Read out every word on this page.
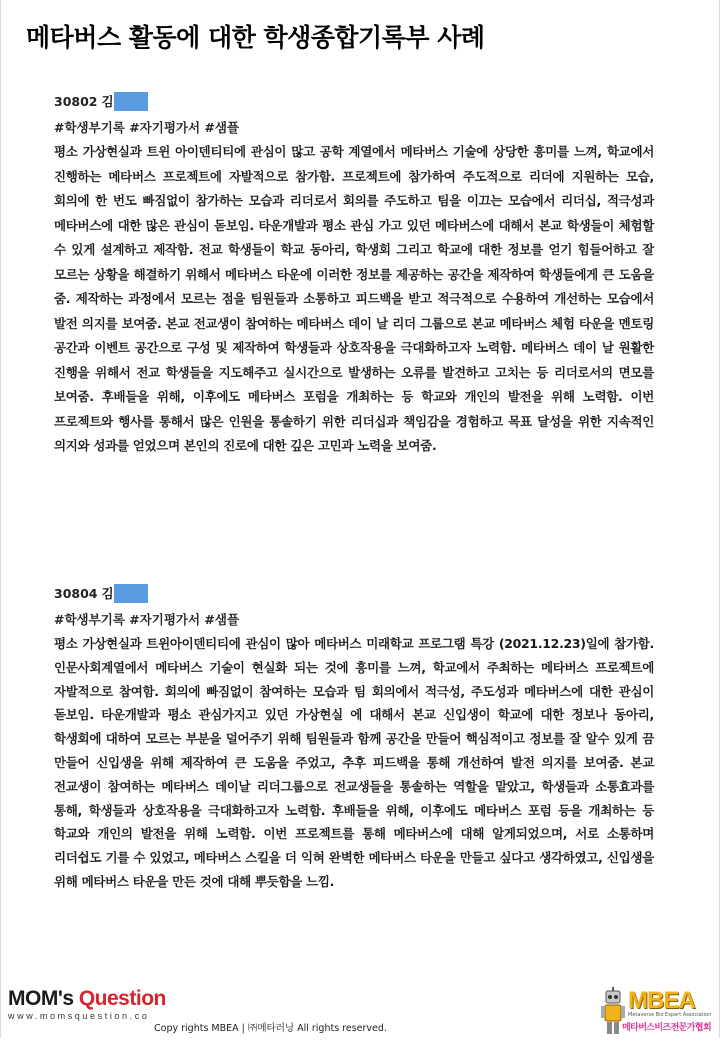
메타버스 활동에 대한 학생종합기록부 사례
30802 김
#학생부기록 #자기평가서 #샘플
평소 가상현실과 트윈 아이덴티티에 관심이 많고 공학 계열에서 메타버스 기술에 상당한 흥미를 느껴, 학교에서 진행하는 메타버스 프로젝트에 자발적으로 참가함. 프로젝트에 참가하여 주도적으로 리더에 지원하는 모습, 회의에 한 번도 빠짐없이 참가하는 모습과 리더로서 회의를 주도하고 팀을 이끄는 모습에서 리더십, 적극성과 메타버스에 대한 많은 관심이 돋보임. 타운개발과 평소 관심 가고 있던 메타버스에 대해서 본교 학생들이 체험할 수 있게 설계하고 제작함. 전교 학생들이 학교 동아리, 학생회 그리고 학교에 대한 정보를 얻기 힘들어하고 잘 모르는 상황을 해결하기 위해서 메타버스 타운에 이러한 정보를 제공하는 공간을 제작하여 학생들에게 큰 도움을 줌. 제작하는 과정에서 모르는 점을 팀원들과 소통하고 피드백을 받고 적극적으로 수용하여 개선하는 모습에서 발전 의지를 보여줌. 본교 전교생이 참여하는 메타버스 데이 날 리더 그룹으로 본교 메타버스 체험 타운을 멘토링 공간과 이벤트 공간으로 구성 및 제작하여 학생들과 상호작용을 극대화하고자 노력함. 메타버스 데이 날 원활한 진행을 위해서 전교 학생들을 지도해주고 실시간으로 발생하는 오류를 발견하고 고치는 등 리더로서의 면모를 보여줌. 후배들을 위해, 이후에도 메타버스 포럼을 개최하는 등 학교와 개인의 발전을 위해 노력함. 이번 프로젝트와 행사를 통해서 많은 인원을 통솔하기 위한 리더십과 책임감을 경험하고 목표 달성을 위한 지속적인 의지와 성과를 얻었으며 본인의 진로에 대한 깊은 고민과 노력을 보여줌.
30804 김
#학생부기록 #자기평가서 #샘플
평소 가상현실과 트윈아이덴티티에 관심이 많아 메타버스 미래학교 프로그램 특강 (2021.12.23)일에 참가함. 인문사회계열에서 메타버스 기술이 현실화 되는 것에 흥미를 느껴, 학교에서 주최하는 메타버스 프로젝트에 자발적으로 참여함. 회의에 빠짐없이 참여하는 모습과 팀 회의에서 적극성, 주도성과 메타버스에 대한 관심이 돋보임. 타운개발과 평소 관심가지고 있던 가상현실 에 대해서 본교 신입생이 학교에 대한 정보나 동아리, 학생회에 대하여 모르는 부분을 덜어주기 위해 팀원들과 함께 공간을 만들어 핵심적이고 정보를 잘 알수 있게 끔 만들어 신입생을 위해 제작하여 큰 도움을 주었고, 추후 피드백을 통해 개선하여 발전 의지를 보여줌. 본교 전교생이 참여하는 메타버스 데이날 리더그룹으로 전교생들을 통솔하는 역할을 맡았고, 학생들과 소통효과를 통해, 학생들과 상호작용을 극대화하고자 노력함. 후배들을 위해, 이후에도 메타버스 포럼 등을 개최하는 등 학교와 개인의 발전을 위해 노력함. 이번 프로젝트를 통해 메타버스에 대해 알게되었으며, 서로 소통하며 리더쉽도 기를 수 있었고, 메타버스 스킬을 더 익혀 완벽한 메타버스 타운을 만들고 싶다고 생각하였고, 신입생을 위해 메타버스 타운을 만든 것에 대해 뿌듯함을 느낌.
MOM's Question
www.momsquestion.co
Copy rights MBEA | ㈜메타러닝 All rights reserved.
MBEA
Metaverse Biz Expert Association
메타버스비즈전문가협회
